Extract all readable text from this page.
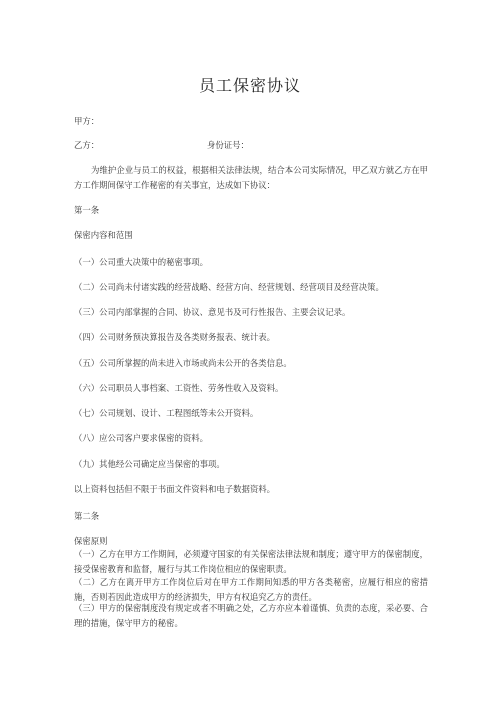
员工保密协议
甲方：
乙方：	身份证号：
为维护企业与员工的权益，根据相关法律法规，结合本公司实际情况，甲乙双方就乙方在甲方工作期间保守工作秘密的有关事宜，达成如下协议：
第一条
保密内容和范围
（一）公司重大决策中的秘密事项。
（二）公司尚未付诸实践的经营战略、经营方向、经营规划、经营项目及经营决策。
（三）公司内部掌握的合同、协议、意见书及可行性报告、主要会议记录。
（四）公司财务预决算报告及各类财务报表、统计表。
（五）公司所掌握的尚未进入市场或尚未公开的各类信息。
（六）公司职员人事档案、工资性、劳务性收入及资料。
（七）公司规划、设计、工程图纸等未公开资料。
（八）应公司客户要求保密的资料。
（九）其他经公司确定应当保密的事项。
以上资料包括但不限于书面文件资料和电子数据资料。
第二条
保密原则
（一）乙方在甲方工作期间，必须遵守国家的有关保密法律法规和制度；遵守甲方的保密制度，接受保密教育和监督，履行与其工作岗位相应的保密职责。
（二）乙方在离开甲方工作岗位后对在甲方工作期间知悉的甲方各类秘密，应履行相应的密措施，否则若因此造成甲方的经济损失，甲方有权追究乙方的责任。
（三）甲方的保密制度没有规定或者不明确之处，乙方亦应本着谨慎、负责的态度，采必要、合理的措施，保守甲方的秘密。
